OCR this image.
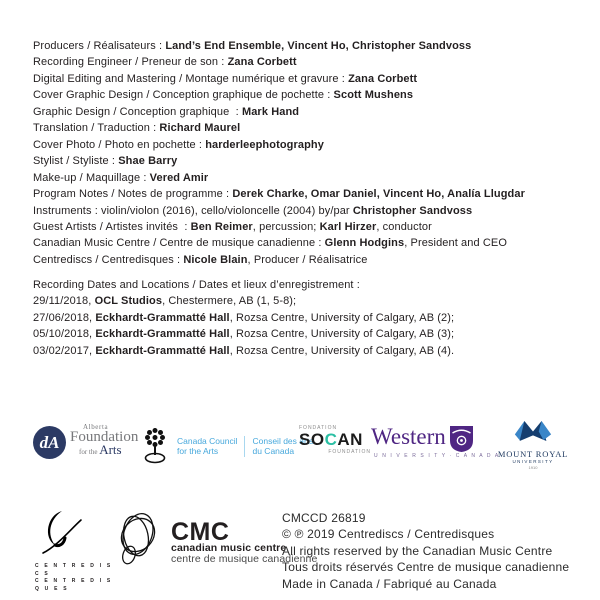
Producers / Réalisateurs : Land’s End Ensemble, Vincent Ho, Christopher Sandvoss
Recording Engineer / Preneur de son : Zana Corbett
Digital Editing and Mastering / Montage numérique et gravure : Zana Corbett
Cover Graphic Design / Conception graphique de pochette : Scott Mushens
Graphic Design / Conception graphique  : Mark Hand
Translation / Traduction : Richard Maurel
Cover Photo / Photo en pochette : harderleephotography
Stylist / Styliste : Shae Barry
Make-up / Maquillage : Vered Amir
Program Notes / Notes de programme : Derek Charke, Omar Daniel, Vincent Ho, Analía Llugdar
Instruments : violin/violon (2016), cello/violoncelle (2004) by/par Christopher Sandvoss
Guest Artists / Artistes invités  : Ben Reimer, percussion; Karl Hirzer, conductor
Canadian Music Centre / Centre de musique canadienne : Glenn Hodgins, President and CEO
Centrediscs / Centredisques : Nicole Blain, Producer / Réalisatrice
Recording Dates and Locations / Dates et lieux d’enregistrement :
29/11/2018, OCL Studios, Chestermere, AB (1, 5-8);
27/06/2018, Eckhardt-Grammatté Hall, Rozsa Centre, University of Calgary, AB (2);
05/10/2018, Eckhardt-Grammatté Hall, Rozsa Centre, University of Calgary, AB (3);
03/02/2017, Eckhardt-Grammatté Hall, Rozsa Centre, University of Calgary, AB (4).
dA
Alberta
Foundation
for the Arts
Canada Council
for the Arts
Conseil des arts
du Canada
FONDATION
SOCAN
FOUNDATION
Western
U N I V E R S I T Y · C A N A D A
MOUNT ROYAL
UNIVERSITY
1910
C E N T R E D I S C S
C E N T R E D I S Q U E S
CMC
canadian music centre
centre de musique canadienne
CMCCD 26819
© ℗ 2019 Centrediscs / Centredisques
All rights reserved by the Canadian Music Centre
Tous droits réservés Centre de musique canadienne
Made in Canada / Fabriqué au Canada
